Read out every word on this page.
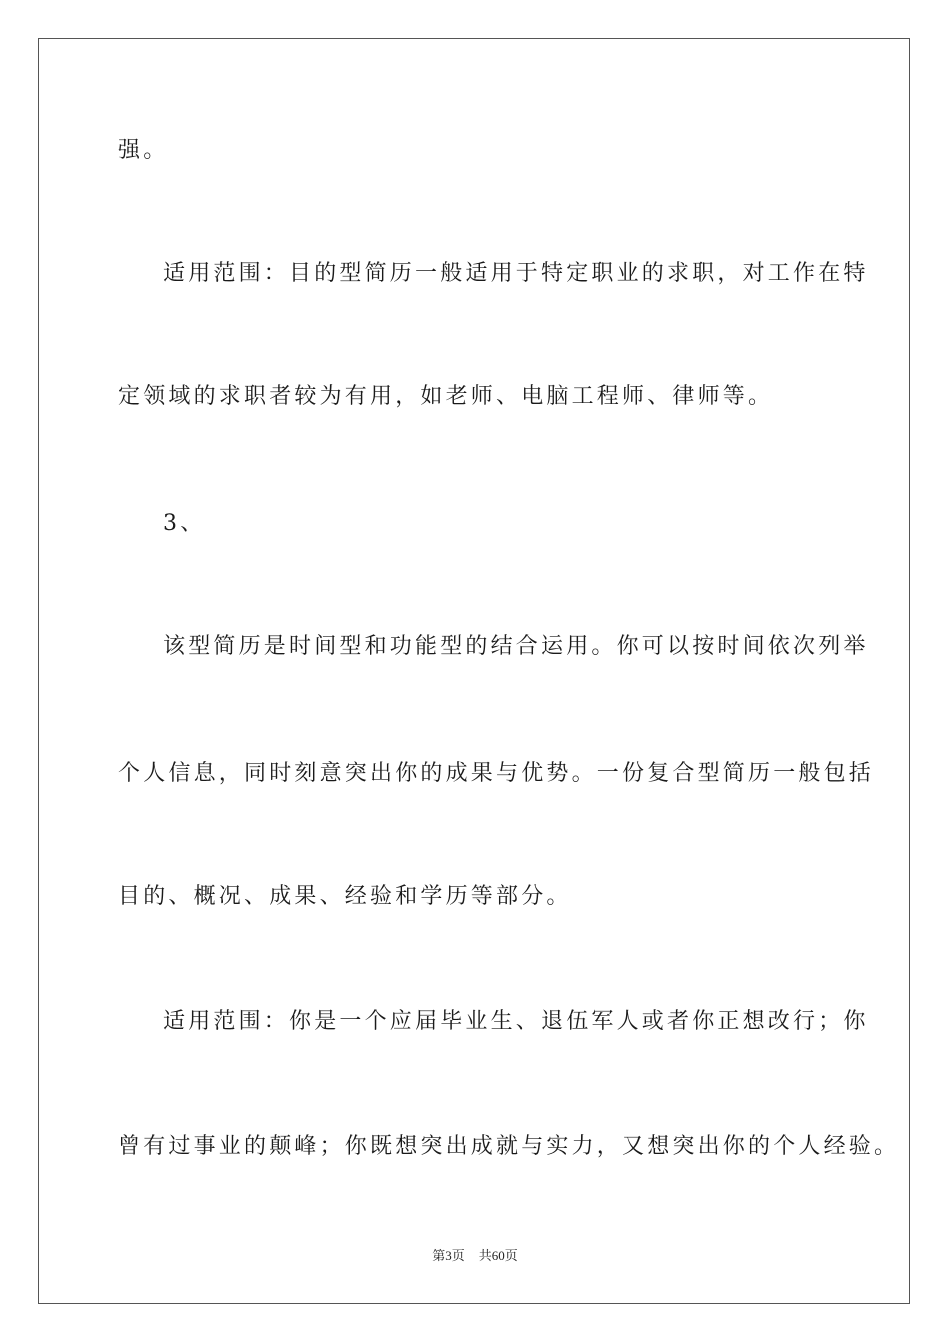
强。
适用范围：目的型简历一般适用于特定职业的求职，对工作在特
定领域的求职者较为有用，如老师、电脑工程师、律师等。
3、
该型简历是时间型和功能型的结合运用。你可以按时间依次列举
个人信息，同时刻意突出你的成果与优势。一份复合型简历一般包括
目的、概况、成果、经验和学历等部分。
适用范围：你是一个应届毕业生、退伍军人或者你正想改行；你
曾有过事业的颠峰；你既想突出成就与实力，又想突出你的个人经验。
第3页 共60页
